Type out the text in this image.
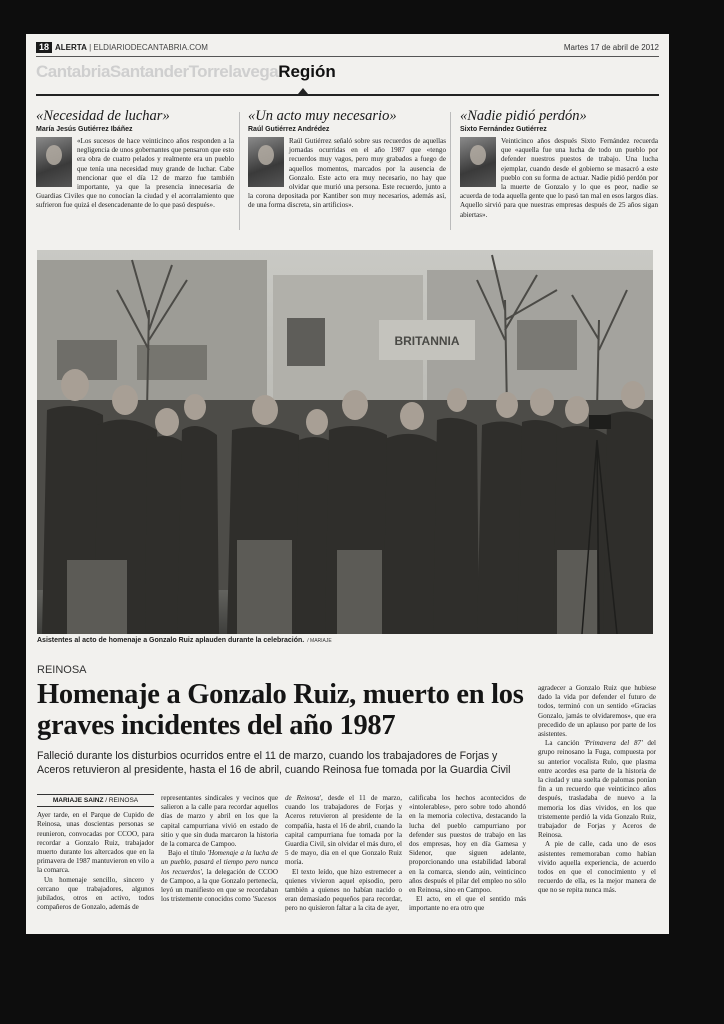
18 ALERTA | ELDIARIODECANTABRIA.COM	Martes 17 de abril de 2012
CantabriaSantanderTorrelavegaRegión
«Necesidad de luchar»
María Jesús Gutiérrez Ibáñez
«Los sucesos de hace veinticinco años responden a la negligencia de unos gobernantes que pensaron que esto era obra de cuatro pelados y realmente era un pueblo que tenía una necesidad muy grande de luchar. Cabe mencionar que el día 12 de marzo fue también importante, ya que la presencia innecesaria de Guardias Civiles que no conocían la ciudad y el acorralamiento que sufrieron fue quizá el desencadenante de lo que pasó después».
«Un acto muy necesario»
Raúl Gutiérrez Andrédez
Raúl Gutiérrez señaló sobre sus recuerdos de aquellas jornadas ocurridas en el año 1987 que «tengo recuerdos muy vagos, pero muy grabados a fuego de aquellos momentos, marcados por la ausencia de Gonzalo. Este acto era muy necesario, no hay que olvidar que murió una persona. Este recuerdo, junto a la corona depositada por Kantiber son muy necesarios, además así, de una forma discreta, sin artificios».
«Nadie pidió perdón»
Sixto Fernández Gutiérrez
Veinticinco años después Sixto Fernández recuerda que «aquella fue una lucha de todo un pueblo por defender nuestros puestos de trabajo. Una lucha ejemplar, cuando desde el gobierno se masacró a este pueblo con su forma de actuar. Nadie pidió perdón por la muerte de Gonzalo y lo que es peor, nadie se acuerda de toda aquella gente que lo pasó tan mal en esos largos días. Aquello sirvió para que nuestras empresas después de 25 años sigan abiertas».
BRITANNIA
Asistentes al acto de homenaje a Gonzalo Ruiz aplauden durante la celebración. / MARIAJE
REINOSA
Homenaje a Gonzalo Ruiz, muerto en los graves incidentes del año 1987
Falleció durante los disturbios ocurridos entre el 11 de marzo, cuando los trabajadores de Forjas y Aceros retuvieron al presidente, hasta el 16 de abril, cuando Reinosa fue tomada por la Guardia Civil
MARIAJE SAINZ / REINOSA

Ayer tarde, en el Parque de Cupido de Reinosa, unas doscientas personas se reunieron, convocadas por CCOO, para recordar a Gonzalo Ruiz, trabajador muerto durante los altercados que en la primavera de 1987 mantuvieron en vilo a la comarca.

Un homenaje sencillo, sincero y cercano que trabajadores, algunos jubilados, otros en activo, todos compañeros de Gonzalo, además de

representantes sindicales y vecinos que salieron a la calle para recordar aquellos días de marzo y abril en los que la capital campurriana vivió en estado de sitio y que sin duda marcaron la historia de la comarca de Campoo.

Bajo el título 'Homenaje a la lucha de un pueblo, pasará el tiempo pero nunca los recuerdos', la delegación de CCOO de Campoo, a la que Gonzalo pertenecía, leyó un manifiesto en que se recordaban los tristemente conocidos como 'Sucesos

de Reinosa', desde el 11 de marzo, cuando los trabajadores de Forjas y Aceros retuvieron al presidente de la compañía, hasta el 16 de abril, cuando la capital campurriana fue tomada por la Guardia Civil, sin olvidar el más duro, el 5 de mayo, día en el que Gonzalo Ruiz moría.

El texto leído, que hizo estremecer a quienes vivieron aquel episodio, pero también a quienes no habían nacido o eran demasiado pequeños para recordar, pero no quisieron faltar a la cita de ayer,

calificaba los hechos acontecidos de «intolerables», pero sobre todo ahondó en la memoria colectiva, destacando la lucha del pueblo campurriano por defender sus puestos de trabajo en las dos empresas, hoy en día Gamesa y Sidenor, que siguen adelante, proporcionando una estabilidad laboral en la comarca, siendo aún, veinticinco años después el pilar del empleo no sólo en Reinosa, sino en Campoo.

El acto, en el que el sentido más importante no era otro que

agradecer a Gonzalo Ruiz que hubiese dado la vida por defender el futuro de todos, terminó con un sentido «Gracias Gonzalo, jamás te olvidaremos», que era precedido de un aplauso por parte de los asistentes.

La canción 'Primavera del 87' del grupo reinosano la Fuga, compuesta por su anterior vocalista Rulo, que plasma entre acordes esa parte de la historia de la ciudad y una suelta de palomas ponían fin a un recuerdo que veinticinco años después, trasladaba de nuevo a la memoria los días vividos, en los que tristemente perdió la vida Gonzalo Ruiz, trabajador de Forjas y Aceros de Reinosa.

A pie de calle, cada uno de esos asistentes rememoraban como habían vivido aquella experiencia, de acuerdo todos en que el conocimiento y el recuerdo de ella, es la mejor manera de que no se repita nunca más.
